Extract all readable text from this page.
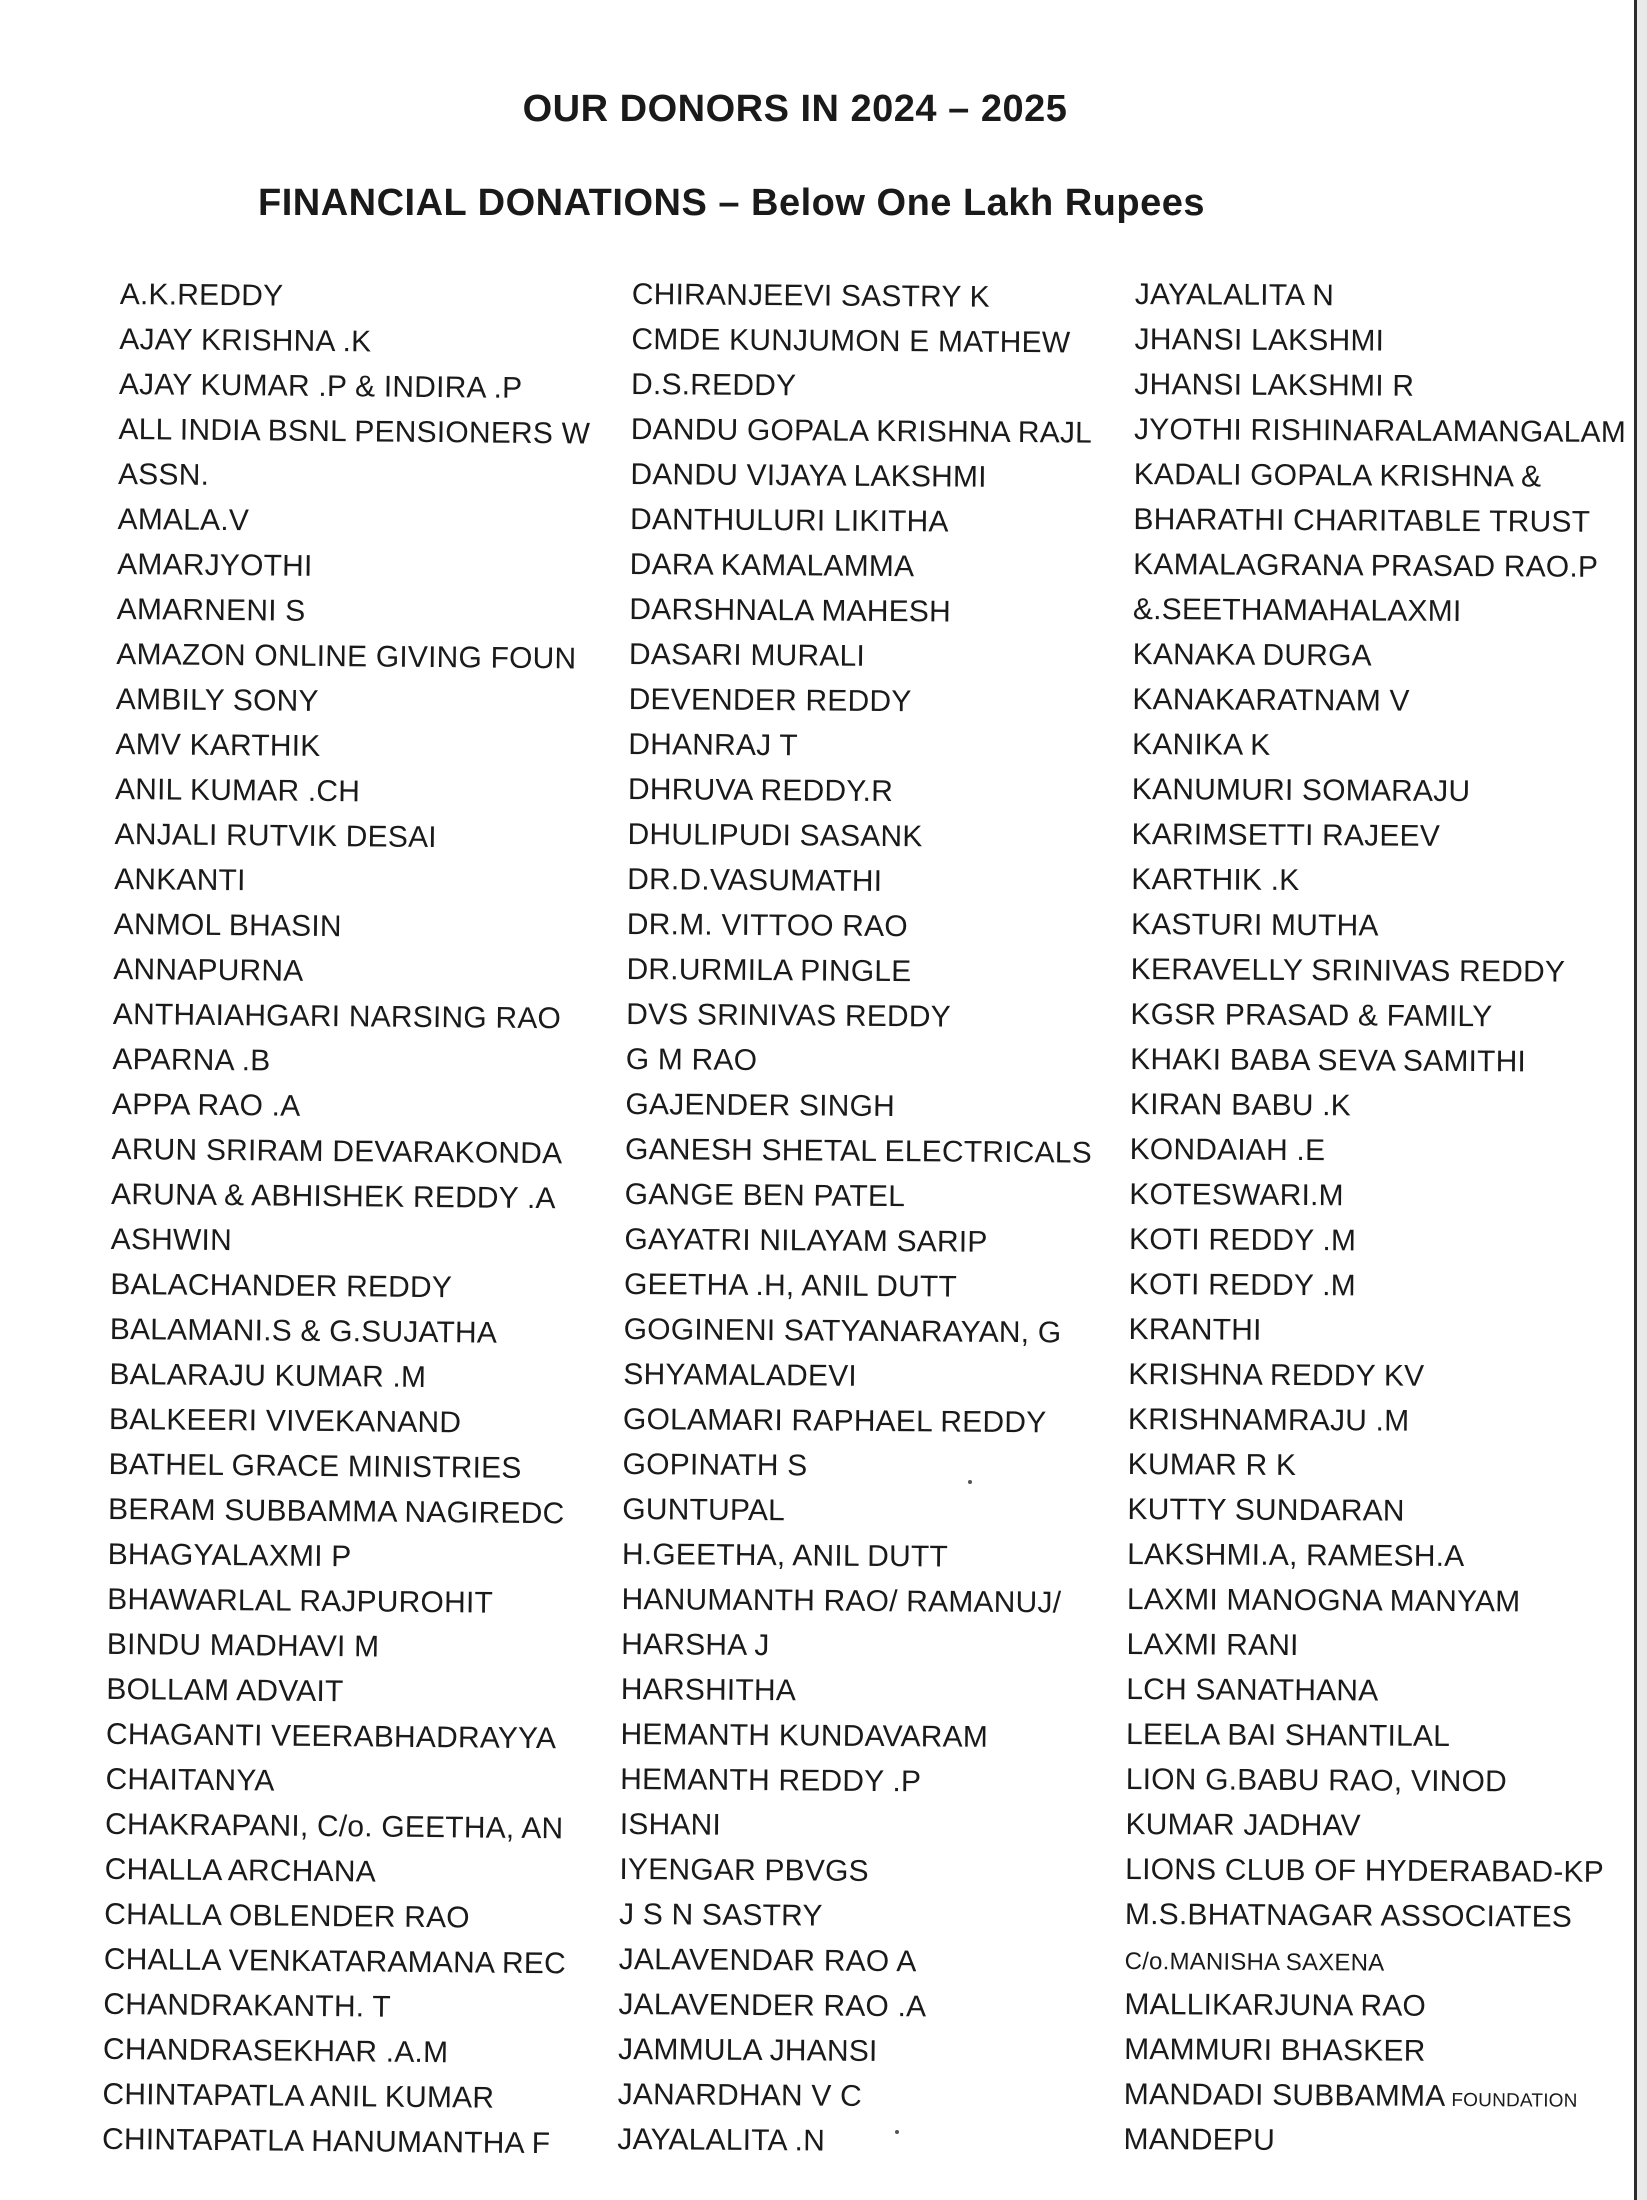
OUR DONORS IN 2024 – 2025
FINANCIAL DONATIONS – Below One Lakh Rupees
A.K.REDDY
AJAY KRISHNA .K
AJAY KUMAR .P & INDIRA .P
ALL INDIA BSNL PENSIONERS W
ASSN.
AMALA.V
AMARJYOTHI
AMARNENI S
AMAZON ONLINE GIVING FOUN
AMBILY SONY
AMV KARTHIK
ANIL KUMAR .CH
ANJALI RUTVIK DESAI
ANKANTI
ANMOL BHASIN
ANNAPURNA
ANTHAIAHGARI NARSING RAO
APARNA .B
APPA RAO .A
ARUN SRIRAM DEVARAKONDA
ARUNA & ABHISHEK REDDY .A
ASHWIN
BALACHANDER REDDY
BALAMANI.S & G.SUJATHA
BALARAJU KUMAR .M
BALKEERI VIVEKANAND
BATHEL GRACE MINISTRIES
BERAM SUBBAMMA NAGIREDC
BHAGYALAXMI P
BHAWARLAL RAJPUROHIT
BINDU MADHAVI M
BOLLAM ADVAIT
CHAGANTI VEERABHADRAYYA
CHAITANYA
CHAKRAPANI, C/o. GEETHA, AN
CHALLA ARCHANA
CHALLA OBLENDER RAO
CHALLA VENKATARAMANA REC
CHANDRAKANTH. T
CHANDRASEKHAR .A.M
CHINTAPATLA ANIL KUMAR
CHINTAPATLA HANUMANTHA F
CHIRANJEEVI SASTRY K
CMDE KUNJUMON E MATHEW
D.S.REDDY
DANDU GOPALA KRISHNA RAJL
DANDU VIJAYA LAKSHMI
DANTHULURI LIKITHA
DARA KAMALAMMA
DARSHNALA MAHESH
DASARI MURALI
DEVENDER REDDY
DHANRAJ T
DHRUVA REDDY.R
DHULIPUDI SASANK
DR.D.VASUMATHI
DR.M. VITTOO RAO
DR.URMILA PINGLE
DVS SRINIVAS REDDY
G M RAO
GAJENDER SINGH
GANESH SHETAL ELECTRICALS
GANGE BEN PATEL
GAYATRI NILAYAM SARIP
GEETHA .H, ANIL DUTT
GOGINENI SATYANARAYAN, G
SHYAMALADEVI
GOLAMARI RAPHAEL REDDY
GOPINATH S
GUNTUPAL
H.GEETHA, ANIL DUTT
HANUMANTH RAO/ RAMANUJ/
HARSHA J
HARSHITHA
HEMANTH KUNDAVARAM
HEMANTH REDDY .P
ISHANI
IYENGAR PBVGS
J S N SASTRY
JALAVENDAR RAO A
JALAVENDER RAO .A
JAMMULA JHANSI
JANARDHAN V C
JAYALALITA .N
JAYALALITA N
JHANSI LAKSHMI
JHANSI LAKSHMI R
JYOTHI RISHINARALAMANGALAM
KADALI GOPALA KRISHNA &
BHARATHI CHARITABLE TRUST
KAMALAGRANA PRASAD RAO.P
&.SEETHAMAHALAXMI
KANAKA DURGA
KANAKARATNAM V
KANIKA K
KANUMURI SOMARAJU
KARIMSETTI RAJEEV
KARTHIK .K
KASTURI MUTHA
KERAVELLY SRINIVAS REDDY
KGSR PRASAD & FAMILY
KHAKI BABA SEVA SAMITHI
KIRAN BABU .K
KONDAIAH .E
KOTESWARI.M
KOTI REDDY .M
KOTI REDDY .M
KRANTHI
KRISHNA REDDY KV
KRISHNAMRAJU .M
KUMAR R K
KUTTY SUNDARAN
LAKSHMI.A, RAMESH.A
LAXMI MANOGNA MANYAM
LAXMI RANI
LCH SANATHANA
LEELA BAI SHANTILAL
LION G.BABU RAO, VINOD
KUMAR JADHAV
LIONS CLUB OF HYDERABAD-KP
M.S.BHATNAGAR ASSOCIATES
C/o.MANISHA SAXENA
MALLIKARJUNA RAO
MAMMURI BHASKER
MANDADI SUBBAMMA FOUNDATION
MANDEPU
